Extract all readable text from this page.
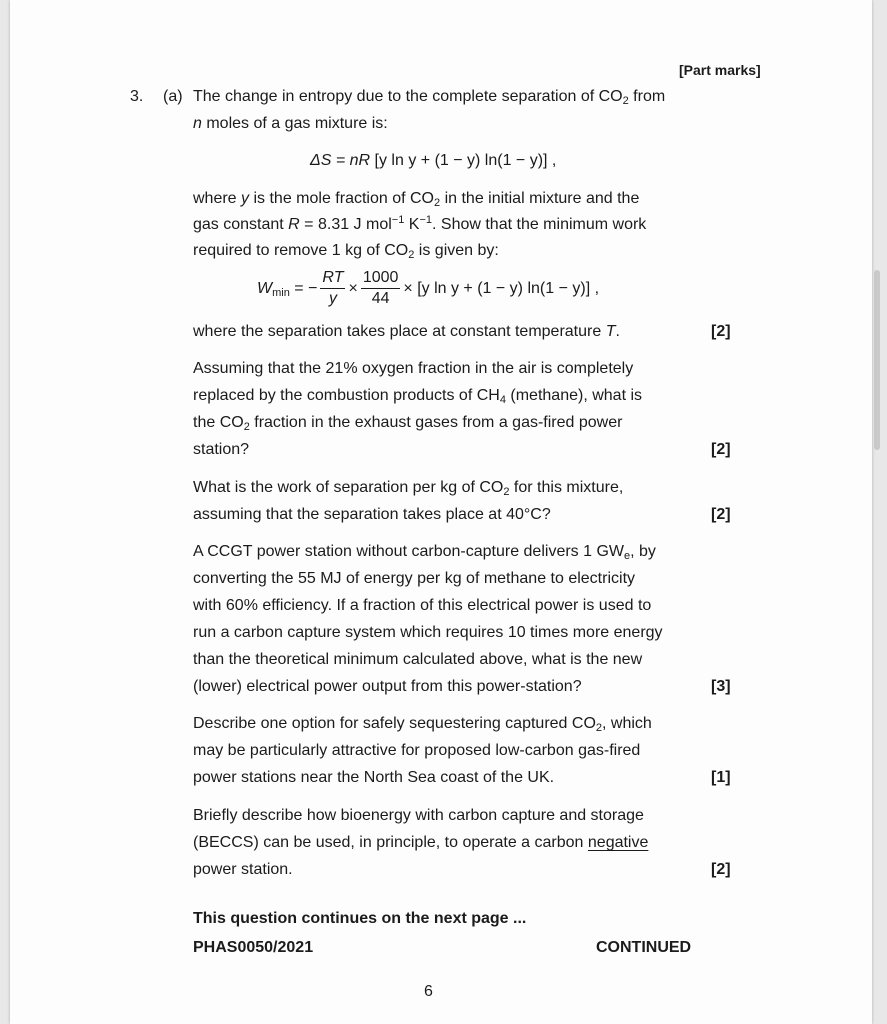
[Part marks]
3. (a) The change in entropy due to the complete separation of $CO_2$ from
n moles of a gas mixture is:
ΔS = nR [y ln y + (1 − y) ln(1 − y)] ,
where y is the mole fraction of $CO_2$ in the initial mixture and the
gas constant R = 8.31 J mol$^{-1}$ $K^{-1}$. Show that the minimum work
required to remove 1 kg of $CO_2$ is given by:
$W_{min}$ = − $\frac{RT}{y} \times \frac{1000}{44} \times [y$ ln y + (1 − y) ln(1 − y)] ,
where the separation takes place at constant temperature T.	[2]
Assuming that the 21% oxygen fraction in the air is completely
replaced by the combustion products of $CH_4$ (methane), what is
the $CO_2$ fraction in the exhaust gases from a gas-fired power
station?	[2]
What is the work of separation per kg of $CO_2$ for this mixture,
assuming that the separation takes place at 40°C?	[2]
A CCGT power station without carbon-capture delivers 1 $GW_e$, by
converting the 55 MJ of energy per kg of methane to electricity
with 60% efficiency. If a fraction of this electrical power is used to
run a carbon capture system which requires 10 times more energy
than the theoretical minimum calculated above, what is the new
(lower) electrical power output from this power-station?	[3]
Describe one option for safely sequestering captured $CO_2$, which
may be particularly attractive for proposed low-carbon gas-fired
power stations near the North Sea coast of the UK.	[1]
Briefly describe how bioenergy with carbon capture and storage
(BECCS) can be used, in principle, to operate a carbon negative
power station.	[2]
This question continues on the next page ...
PHAS0050/2021	CONTINUED
6
